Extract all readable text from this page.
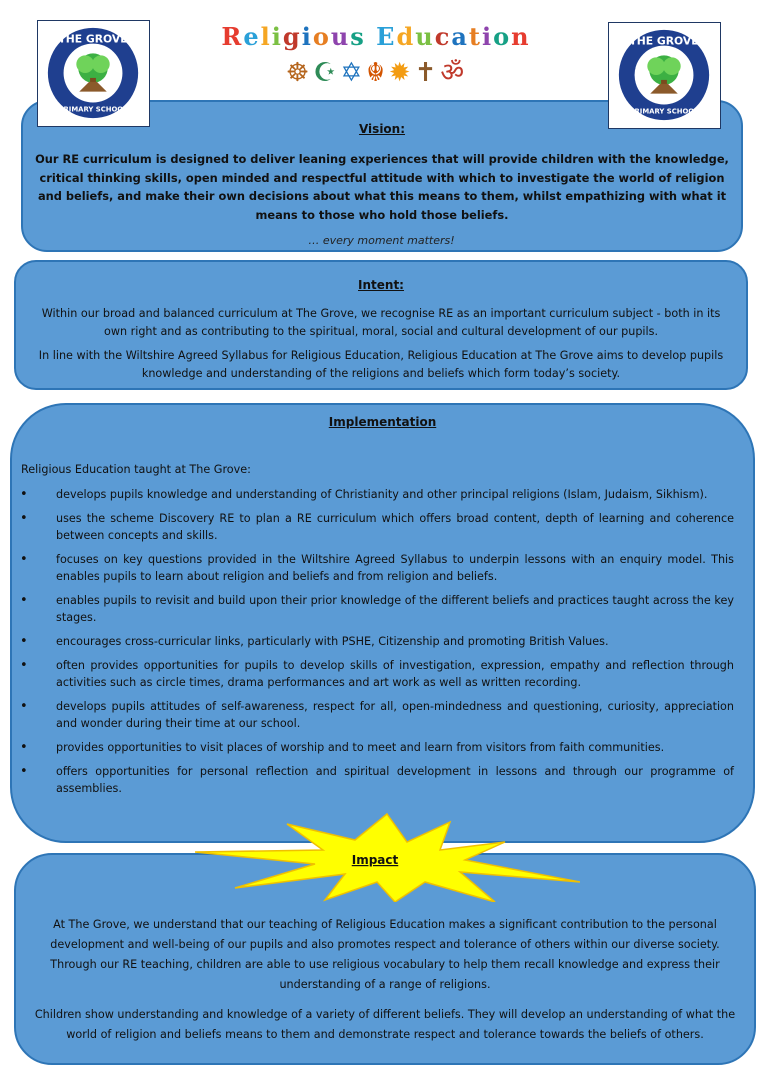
Vision:
Our RE curriculum is designed to deliver leaning experiences that will provide children with the knowledge, critical thinking skills, open minded and respectful attitude with which to investigate the world of religion and beliefs, and make their own decisions about what this means to them, whilst empathizing with what it means to those who hold those beliefs.
… every moment matters!
THE GROVE
PRIMARY SCHOOL
THE GROVE
PRIMARY SCHOOL
Religious Education
☸ ☪ ✡ ☬ ✹ ✝ ॐ
Intent:
Within our broad and balanced curriculum at The Grove, we recognise RE as an important curriculum subject - both in its own right and as contributing to the spiritual, moral, social and cultural development of our pupils.
In line with the Wiltshire Agreed Syllabus for Religious Education, Religious Education at The Grove aims to develop pupils knowledge and understanding of the religions and beliefs which form today’s society.
Implementation
Religious Education taught at The Grove:
• develops pupils knowledge and understanding of Christianity and other principal religions (Islam, Judaism, Sikhism).
• uses the scheme Discovery RE to plan a RE curriculum which offers broad content, depth of learning and coherence between concepts and skills.
• focuses on key questions provided in the Wiltshire Agreed Syllabus to underpin lessons with an enquiry model. This enables pupils to learn about religion and beliefs and from religion and beliefs.
• enables pupils to revisit and build upon their prior knowledge of the different beliefs and practices taught across the key stages.
• encourages cross-curricular links, particularly with PSHE, Citizenship and promoting British Values.
• often provides opportunities for pupils to develop skills of investigation, expression, empathy and reflection through activities such as circle times, drama performances and art work as well as written recording.
• develops pupils attitudes of self-awareness, respect for all, open-mindedness and questioning, curiosity, appreciation and wonder during their time at our school.
• provides opportunities to visit places of worship and to meet and learn from visitors from faith communities.
• offers opportunities for personal reflection and spiritual development in lessons and through our programme of assemblies.
At The Grove, we understand that our teaching of Religious Education makes a significant contribution to the personal development and well-being of our pupils and also promotes respect and tolerance of others within our diverse society. Through our RE teaching, children are able to use religious vocabulary to help them recall knowledge and express their understanding of a range of religions.
Children show understanding and knowledge of a variety of different beliefs. They will develop an understanding of what the world of religion and beliefs means to them and demonstrate respect and tolerance towards the beliefs of others.
Impact
